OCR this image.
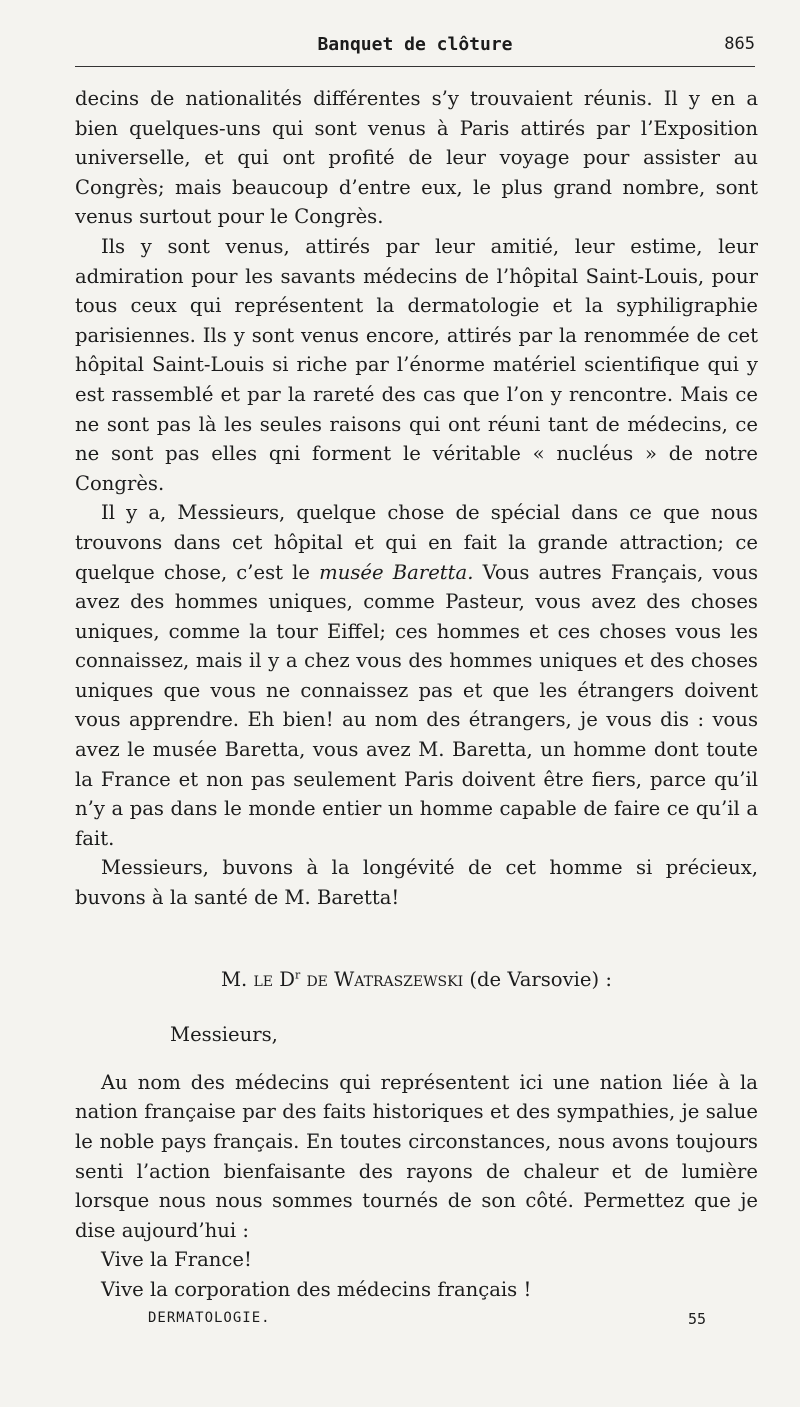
Banquet de clôture	865

decins de nationalités différentes s’y trouvaient réunis. Il y en a bien quelques-uns qui sont venus à Paris attirés par l’Exposition universelle, et qui ont profité de leur voyage pour assister au Congrès; mais beaucoup d’entre eux, le plus grand nombre, sont venus surtout pour le Congrès.

Ils y sont venus, attirés par leur amitié, leur estime, leur admiration pour les savants médecins de l’hôpital Saint-Louis, pour tous ceux qui représentent la dermatologie et la syphiligraphie parisiennes. Ils y sont venus encore, attirés par la renommée de cet hôpital Saint-Louis si riche par l’énorme matériel scientifique qui y est rassemblé et par la rareté des cas que l’on y rencontre. Mais ce ne sont pas là les seules raisons qui ont réuni tant de médecins, ce ne sont pas elles qni forment le véritable « nucléus » de notre Congrès.

Il y a, Messieurs, quelque chose de spécial dans ce que nous trouvons dans cet hôpital et qui en fait la grande attraction; ce quelque chose, c’est le musée Baretta. Vous autres Français, vous avez des hommes uniques, comme Pasteur, vous avez des choses uniques, comme la tour Eiffel; ces hommes et ces choses vous les connaissez, mais il y a chez vous des hommes uniques et des choses uniques que vous ne connaissez pas et que les étrangers doivent vous apprendre. Eh bien! au nom des étrangers, je vous dis : vous avez le musée Baretta, vous avez M. Baretta, un homme dont toute la France et non pas seulement Paris doivent être fiers, parce qu’il n’y a pas dans le monde entier un homme capable de faire ce qu’il a fait.

Messieurs, buvons à la longévité de cet homme si précieux, buvons à la santé de M. Baretta!

M. le $D^r$ de Watraszewski (de Varsovie) :

Messieurs,

Au nom des médecins qui représentent ici une nation liée à la nation française par des faits historiques et des sympathies, je salue le noble pays français. En toutes circonstances, nous avons toujours senti l’action bienfaisante des rayons de chaleur et de lumière lorsque nous nous sommes tournés de son côté. Permettez que je dise aujourd’hui :

Vive la France!

Vive la corporation des médecins français !

DERMATOLOGIE.	55
